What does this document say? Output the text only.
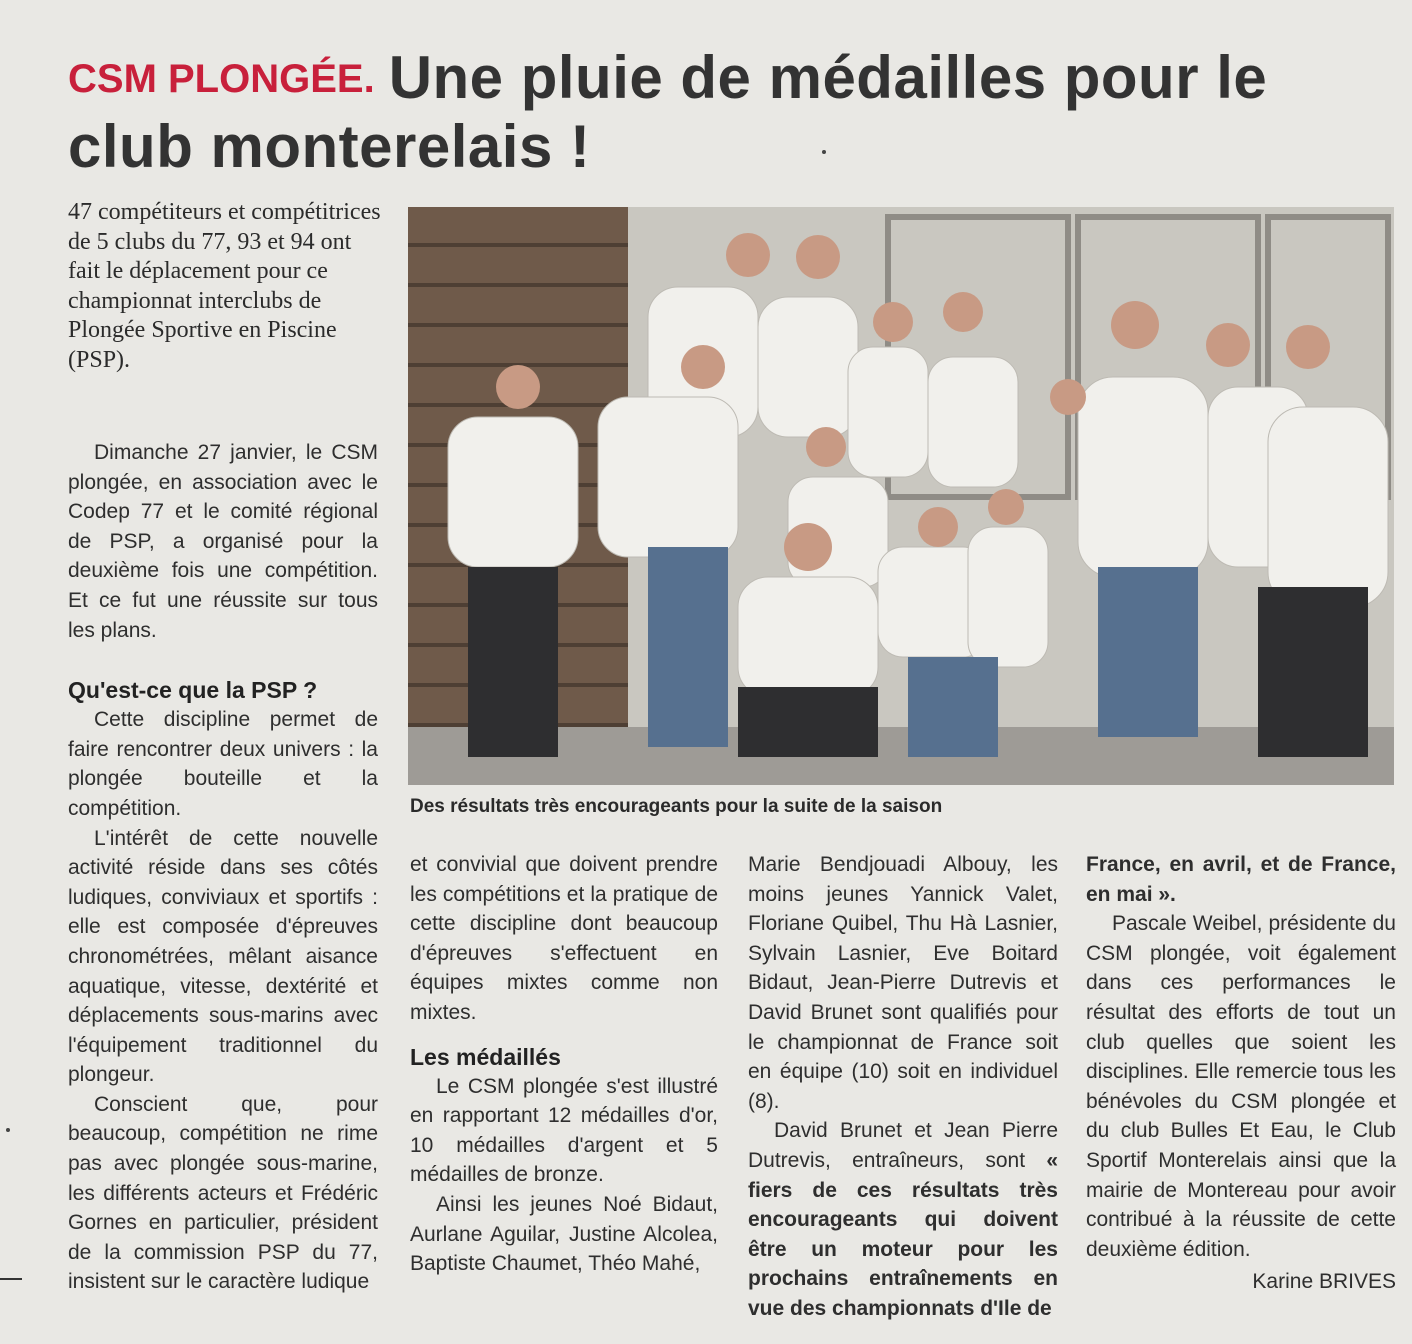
CSM PLONGÉE. Une pluie de médailles pour le club monterelais !
47 compétiteurs et compétitrices de 5 clubs du 77, 93 et 94 ont fait le déplacement pour ce championnat interclubs de Plongée Sportive en Piscine (PSP).
Des résultats très encourageants pour la suite de la saison

Dimanche 27 janvier, le CSM plongée, en association avec le Codep 77 et le comité régional de PSP, a organisé pour la deuxième fois une compétition. Et ce fut une réussite sur tous les plans.

Qu'est-ce que la PSP ?

Cette discipline permet de faire rencontrer deux univers : la plongée bouteille et la compétition.

L'intérêt de cette nouvelle activité réside dans ses côtés ludiques, conviviaux et sportifs : elle est composée d'épreuves chronométrées, mêlant aisance aquatique, vitesse, dextérité et déplacements sous-marins avec l'équipement traditionnel du plongeur.

Conscient que, pour beaucoup, compétition ne rime pas avec plongée sous-marine, les différents acteurs et Frédéric Gornes en particulier, président de la commission PSP du 77, insistent sur le caractère ludique

et convivial que doivent prendre les compétitions et la pratique de cette discipline dont beaucoup d'épreuves s'effectuent en équipes mixtes comme non mixtes.

Les médaillés

Le CSM plongée s'est illustré en rapportant 12 médailles d'or, 10 médailles d'argent et 5 médailles de bronze.

Ainsi les jeunes Noé Bidaut, Aurlane Aguilar, Justine Alcolea, Baptiste Chaumet, Théo Mahé,

Marie Bendjouadi Albouy, les moins jeunes Yannick Valet, Floriane Quibel, Thu Hà Lasnier, Sylvain Lasnier, Eve Boitard Bidaut, Jean-Pierre Dutrevis et David Brunet sont qualifiés pour le championnat de France soit en équipe (10) soit en individuel (8).

David Brunet et Jean Pierre Dutrevis, entraîneurs, sont « fiers de ces résultats très encourageants qui doivent être un moteur pour les prochains entraînements en vue des championnats d'Ile de

France, en avril, et de France, en mai ».

Pascale Weibel, présidente du CSM plongée, voit également dans ces performances le résultat des efforts de tout un club quelles que soient les disciplines. Elle remercie tous les bénévoles du CSM plongée et du club Bulles Et Eau, le Club Sportif Monterelais ainsi que la mairie de Montereau pour avoir contribué à la réussite de cette deuxième édition.

Karine BRIVES
